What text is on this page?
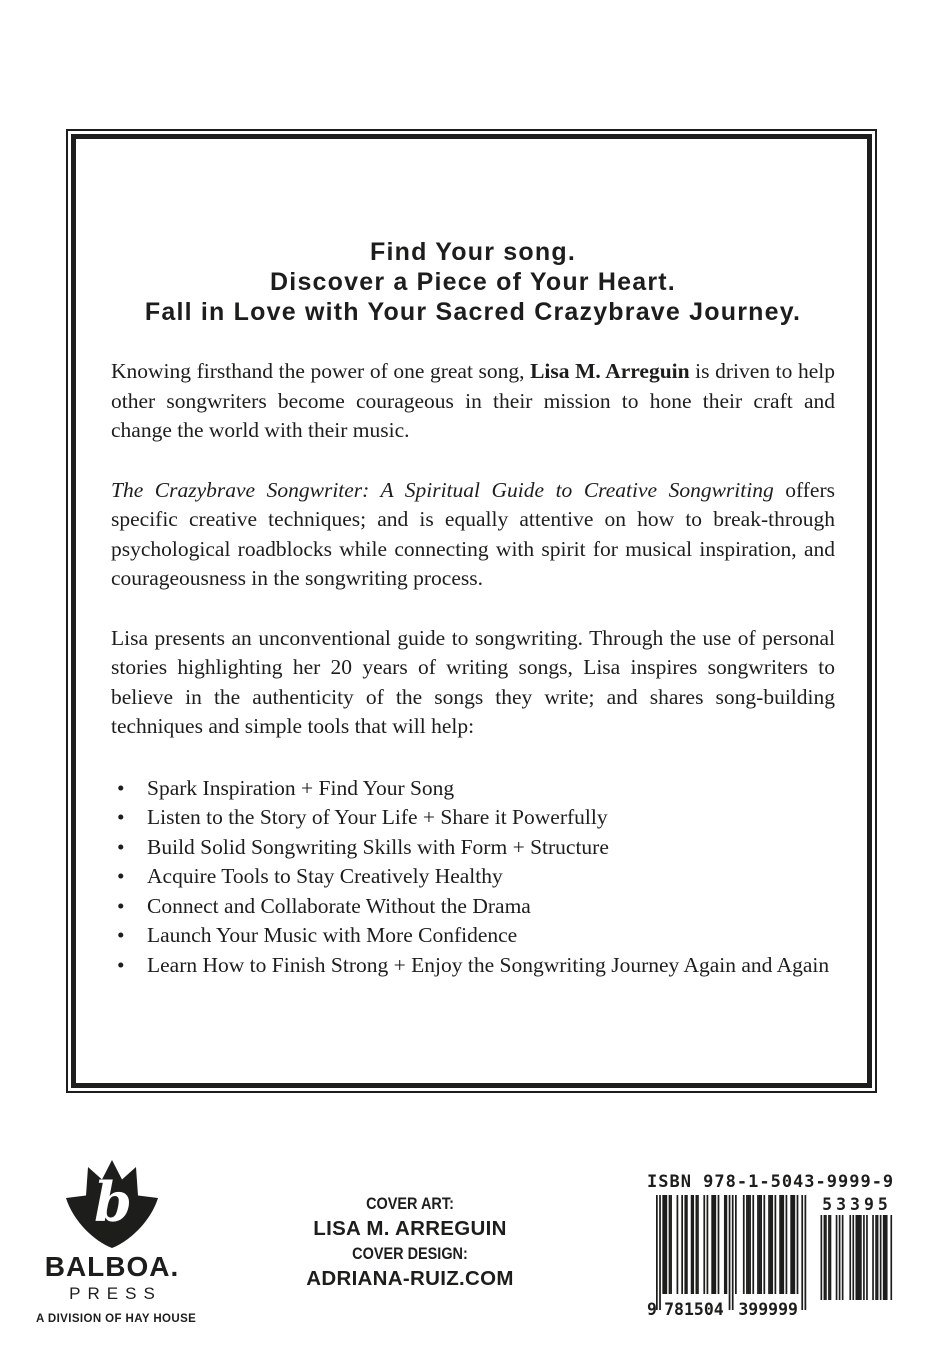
Find Your song.
Discover a Piece of Your Heart.
Fall in Love with Your Sacred Crazybrave Journey.

Knowing firsthand the power of one great song, Lisa M. Arreguin is driven to help other songwriters become courageous in their mission to hone their craft and change the world with their music.

The Crazybrave Songwriter: A Spiritual Guide to Creative Songwriting offers specific creative techniques; and is equally attentive on how to break-through psychological roadblocks while connecting with spirit for musical inspiration, and courageousness in the songwriting process.

Lisa presents an unconventional guide to songwriting. Through the use of personal stories highlighting her 20 years of writing songs, Lisa inspires songwriters to believe in the authenticity of the songs they write; and shares song-building techniques and simple tools that will help:

• Spark Inspiration + Find Your Song
• Listen to the Story of Your Life + Share it Powerfully
• Build Solid Songwriting Skills with Form + Structure
• Acquire Tools to Stay Creatively Healthy
• Connect and Collaborate Without the Drama
• Launch Your Music with More Confidence
• Learn How to Finish Strong + Enjoy the Songwriting Journey Again and Again
b
BALBOA.
PRESS
A DIVISION OF HAY HOUSE
COVER ART:
LISA M. ARREGUIN
COVER DESIGN:
ADRIANA-RUIZ.COM
ISBN 978-1-5043-9999-9
9 781504 399999
53395
